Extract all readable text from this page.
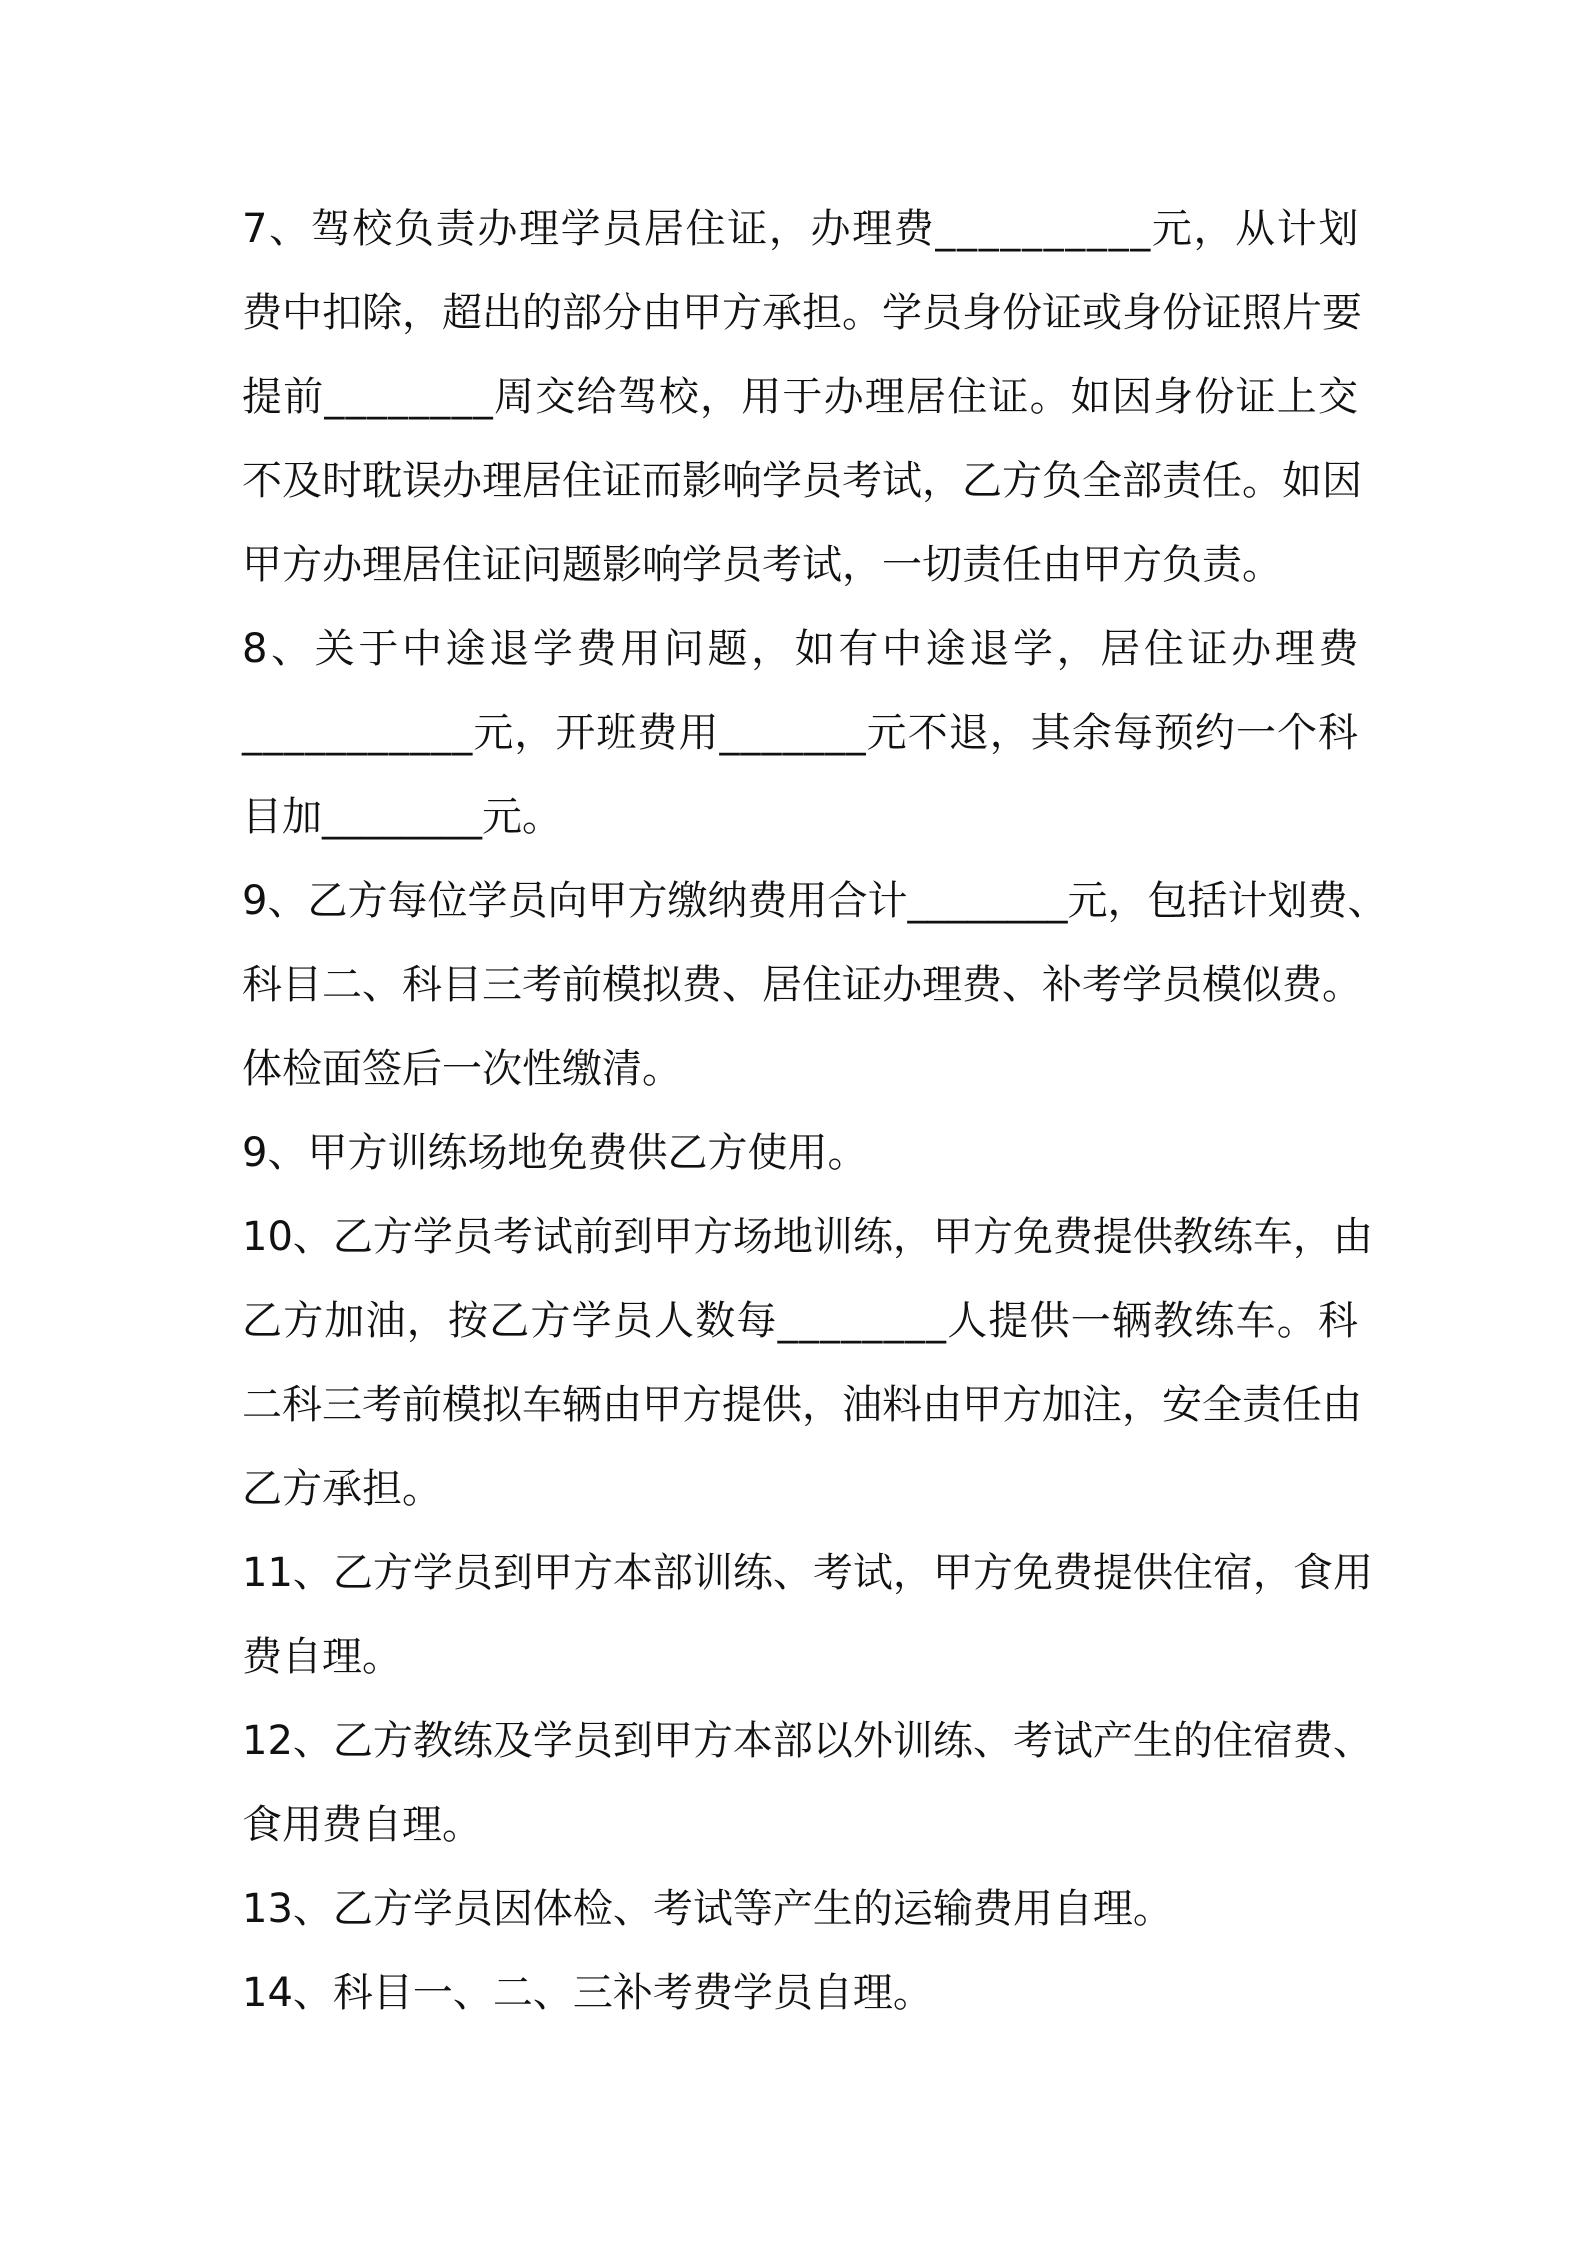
7、驾校负责办理学员居住证，办理费__________元，从计划
费中扣除，超出的部分由甲方承担。学员身份证或身份证照片要
提前________周交给驾校，用于办理居住证。如因身份证上交
不及时耽误办理居住证而影响学员考试，乙方负全部责任。如因
甲方办理居住证问题影响学员考试，一切责任由甲方负责。
8、关于中途退学费用问题，如有中途退学，居住证办理费
___________元，开班费用_______元不退，其余每预约一个科
目加________元。
9、乙方每位学员向甲方缴纳费用合计________元，包括计划费、
科目二、科目三考前模拟费、居住证办理费、补考学员模似费。
体检面签后一次性缴清。
9、甲方训练场地免费供乙方使用。
10、乙方学员考试前到甲方场地训练，甲方免费提供教练车，由
乙方加油，按乙方学员人数每________人提供一辆教练车。科
二科三考前模拟车辆由甲方提供，油料由甲方加注，安全责任由
乙方承担。
11、乙方学员到甲方本部训练、考试，甲方免费提供住宿，食用
费自理。
12、乙方教练及学员到甲方本部以外训练、考试产生的住宿费、
食用费自理。
13、乙方学员因体检、考试等产生的运输费用自理。
14、科目一、二、三补考费学员自理。
